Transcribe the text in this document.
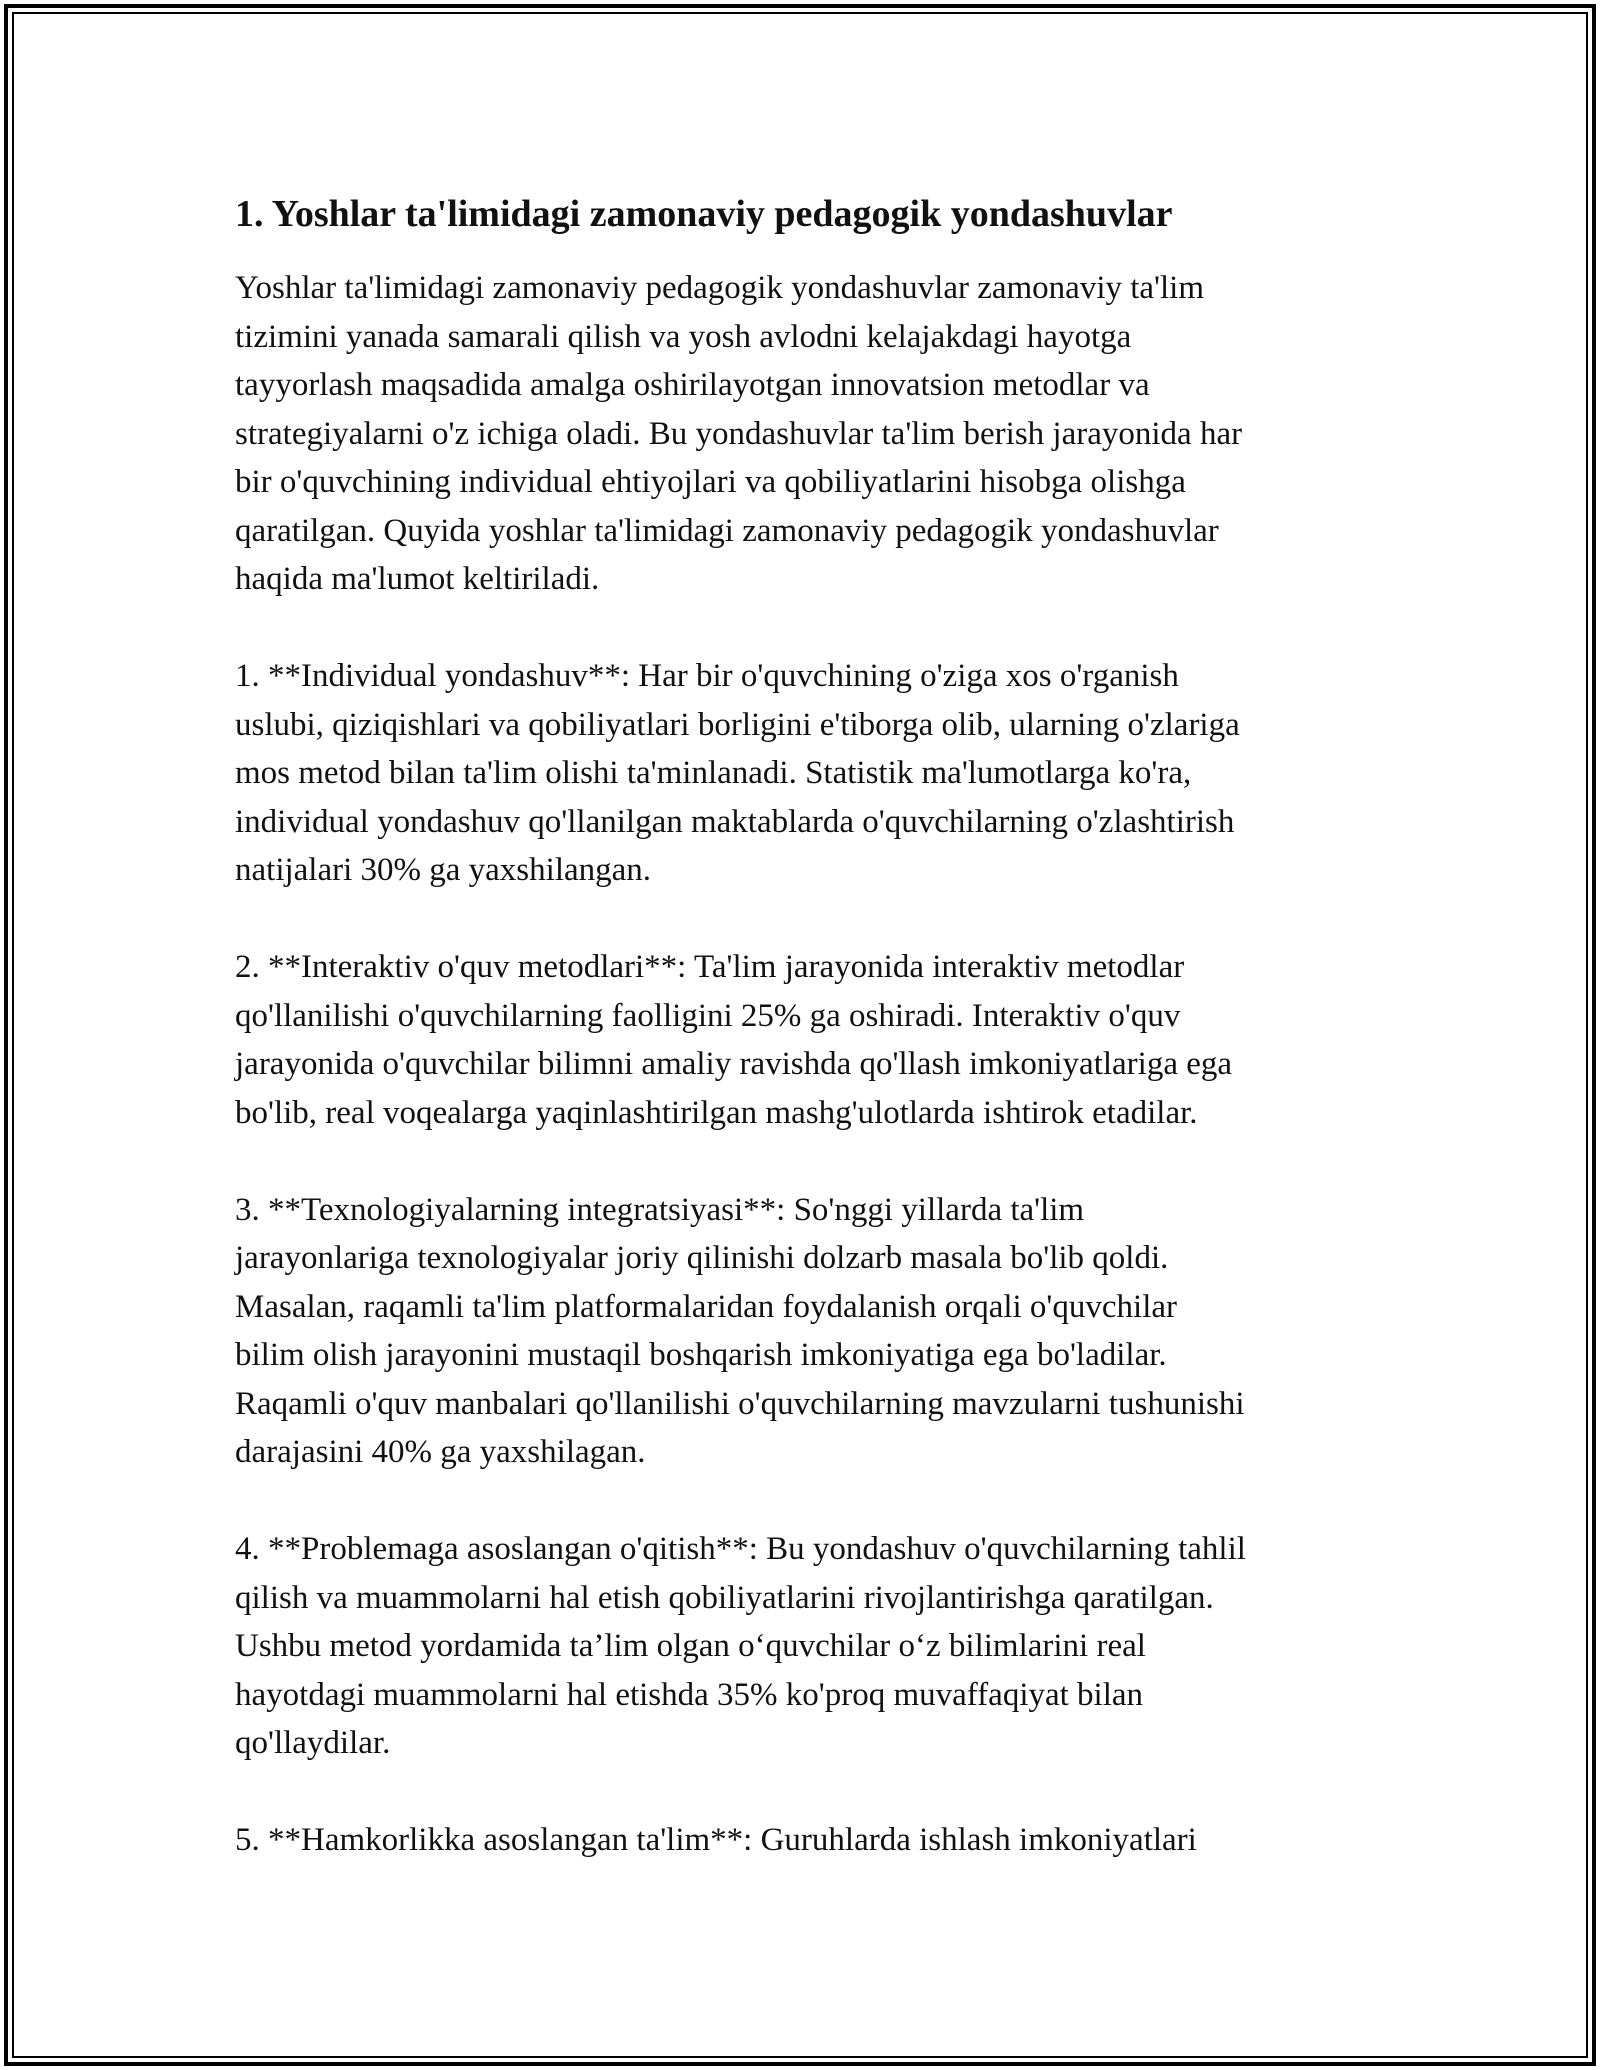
1. Yoshlar ta'limidagi zamonaviy pedagogik yondashuvlar

Yoshlar ta'limidagi zamonaviy pedagogik yondashuvlar zamonaviy ta'lim
tizimini yanada samarali qilish va yosh avlodni kelajakdagi hayotga
tayyorlash maqsadida amalga oshirilayotgan innovatsion metodlar va
strategiyalarni o'z ichiga oladi. Bu yondashuvlar ta'lim berish jarayonida har
bir o'quvchining individual ehtiyojlari va qobiliyatlarini hisobga olishga
qaratilgan. Quyida yoshlar ta'limidagi zamonaviy pedagogik yondashuvlar
haqida ma'lumot keltiriladi.

1. **Individual yondashuv**: Har bir o'quvchining o'ziga xos o'rganish
uslubi, qiziqishlari va qobiliyatlari borligini e'tiborga olib, ularning o'zlariga
mos metod bilan ta'lim olishi ta'minlanadi. Statistik ma'lumotlarga ko'ra,
individual yondashuv qo'llanilgan maktablarda o'quvchilarning o'zlashtirish
natijalari 30% ga yaxshilangan.

2. **Interaktiv o'quv metodlari**: Ta'lim jarayonida interaktiv metodlar
qo'llanilishi o'quvchilarning faolligini 25% ga oshiradi. Interaktiv o'quv
jarayonida o'quvchilar bilimni amaliy ravishda qo'llash imkoniyatlariga ega
bo'lib, real voqealarga yaqinlashtirilgan mashg'ulotlarda ishtirok etadilar.

3. **Texnologiyalarning integratsiyasi**: So'nggi yillarda ta'lim
jarayonlariga texnologiyalar joriy qilinishi dolzarb masala bo'lib qoldi.
Masalan, raqamli ta'lim platformalaridan foydalanish orqali o'quvchilar
bilim olish jarayonini mustaqil boshqarish imkoniyatiga ega bo'ladilar.
Raqamli o'quv manbalari qo'llanilishi o'quvchilarning mavzularni tushunishi
darajasini 40% ga yaxshilagan.

4. **Problemaga asoslangan o'qitish**: Bu yondashuv o'quvchilarning tahlil
qilish va muammolarni hal etish qobiliyatlarini rivojlantirishga qaratilgan.
Ushbu metod yordamida ta’lim olgan o‘quvchilar o‘z bilimlarini real
hayotdagi muammolarni hal etishda 35% ko'proq muvaffaqiyat bilan
qo'llaydilar.

5. **Hamkorlikka asoslangan ta'lim**: Guruhlarda ishlash imkoniyatlari
